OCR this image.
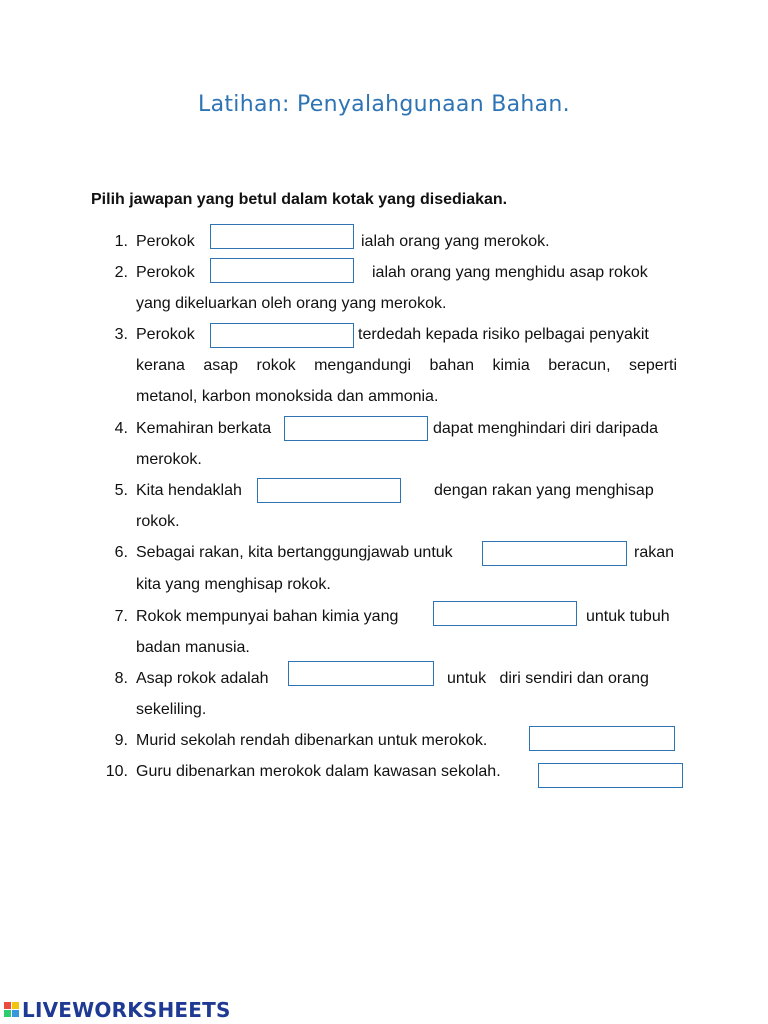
Latihan: Penyalahgunaan Bahan.
Pilih jawapan yang betul dalam kotak yang disediakan.
1. Perokok	ialah orang yang merokok.
2. Perokok	ialah orang yang menghidu asap rokok
yang dikeluarkan oleh orang yang merokok.
3. Perokok	terdedah kepada risiko pelbagai penyakit
kerana asap rokok mengandungi bahan kimia beracun, seperti
metanol, karbon monoksida dan ammonia.
4. Kemahiran berkata	dapat menghindari diri daripada
merokok.
5. Kita hendaklah	dengan rakan yang menghisap
rokok.
6. Sebagai rakan, kita bertanggungjawab untuk	rakan
kita yang menghisap rokok.
7. Rokok mempunyai bahan kimia yang	untuk tubuh
badan manusia.
8. Asap rokok adalah	untuk   diri sendiri dan orang
sekeliling.
9. Murid sekolah rendah dibenarkan untuk merokok.
10. Guru dibenarkan merokok dalam kawasan sekolah.
LIVEWORKSHEETS
